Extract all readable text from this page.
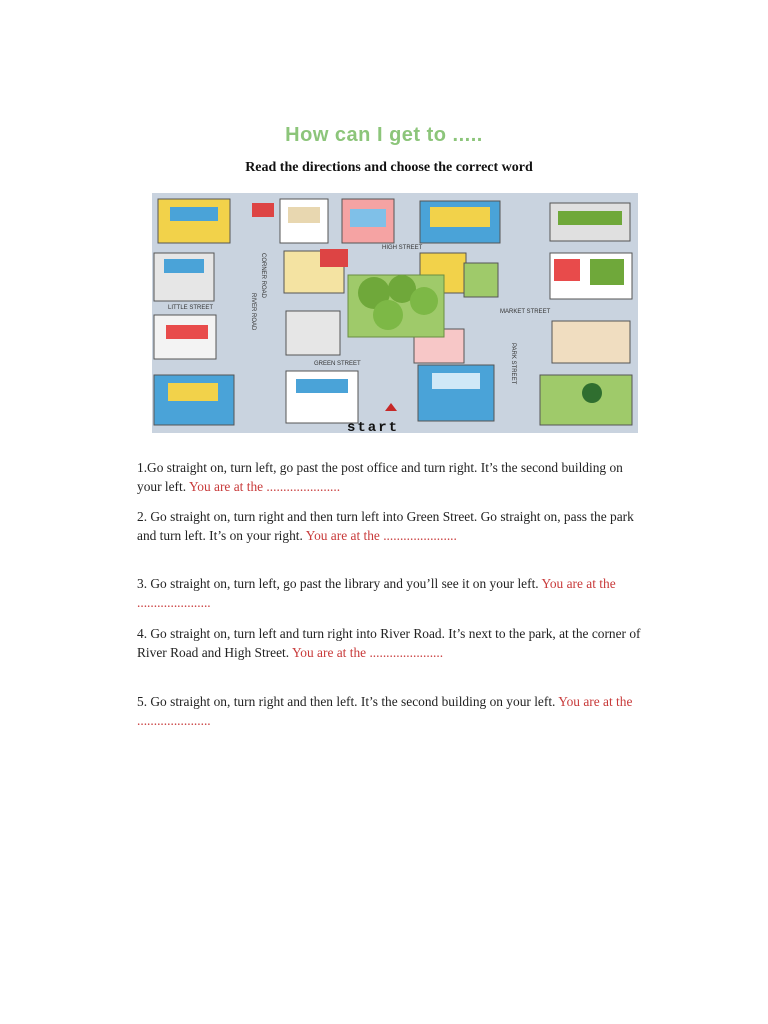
How can I get to .....
Read the directions and choose the correct word
HIGH STREET
RIVER ROAD
GREEN STREET
MARKET STREET
LITTLE STREET
PARK STREET
CORNER ROAD
start
1.Go straight on, turn left, go past the post office and turn right. It’s the second building on your left. You are at the ......................
2. Go straight on, turn right and then turn left into Green Street. Go straight on, pass the park and turn left. It’s on your right. You are at the ......................
3. Go straight on, turn left, go past the library and you’ll see it on your left. You are at the ......................
4. Go straight on, turn left and turn right into River Road. It’s next to the park, at the corner of River Road and High Street. You are at the ......................
5. Go straight on, turn right and then left. It’s the second building on your left. You are at the ......................
